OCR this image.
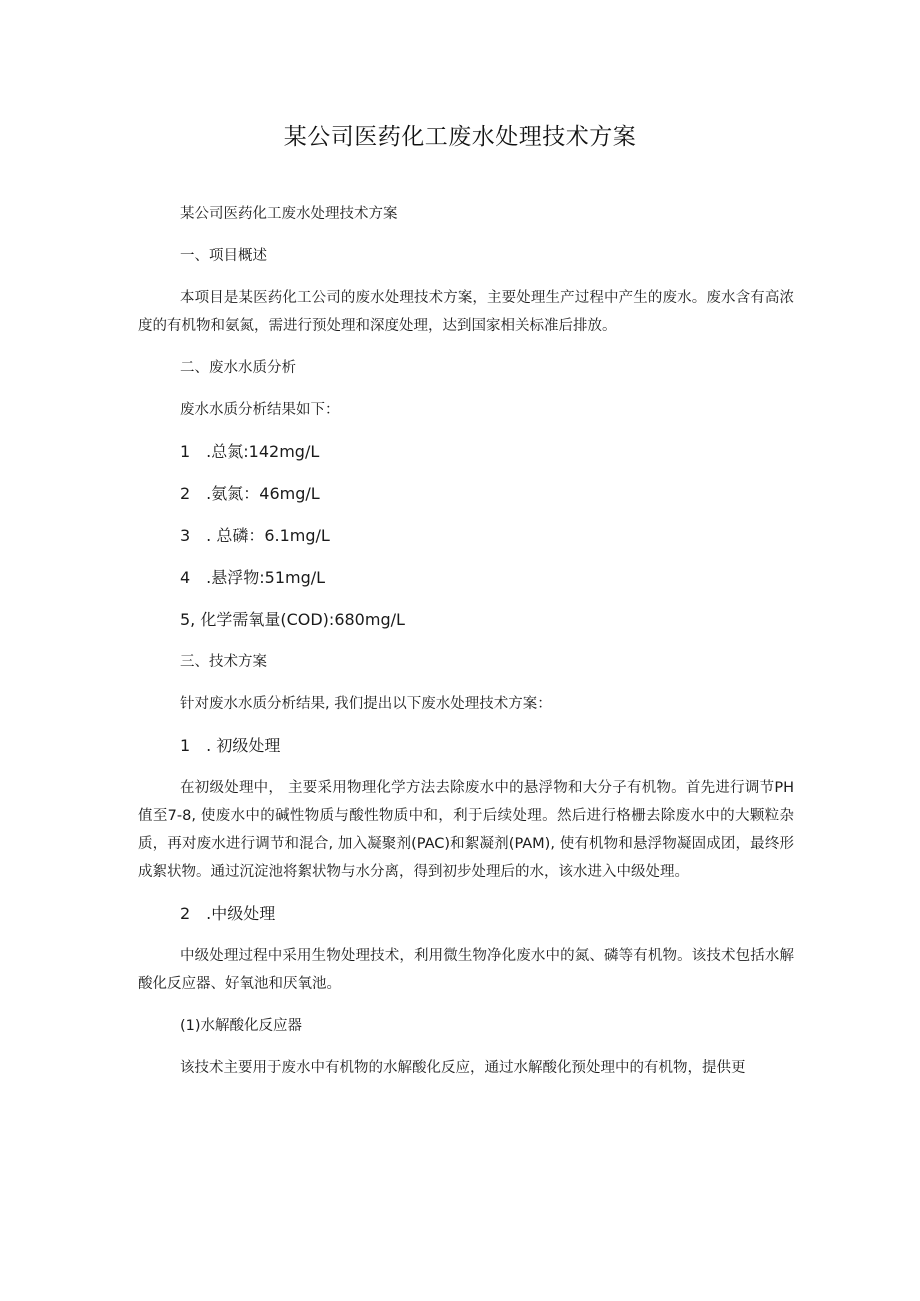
某公司医药化工废水处理技术方案

某公司医药化工废水处理技术方案

一、项目概述

本项目是某医药化工公司的废水处理技术方案，主要处理生产过程中产生的废水。废水含有高浓度的有机物和氨氮，需进行预处理和深度处理，达到国家相关标准后排放。

二、废水水质分析

废水水质分析结果如下：

1　.总氮:142mg/L

2　.氨氮：46mg/L

3　. 总磷：6.1mg/L

4　.悬浮物:51mg/L

5, 化学需氧量(COD):680mg/L

三、技术方案

针对废水水质分析结果, 我们提出以下废水处理技术方案：

1　. 初级处理

在初级处理中， 主要采用物理化学方法去除废水中的悬浮物和大分子有机物。首先进行调节PH值至7-8, 使废水中的碱性物质与酸性物质中和，利于后续处理。然后进行格栅去除废水中的大颗粒杂质，再对废水进行调节和混合, 加入凝聚剂(PAC)和絮凝剂(PAM), 使有机物和悬浮物凝固成团，最终形成絮状物。通过沉淀池将絮状物与水分离，得到初步处理后的水，该水进入中级处理。

2　.中级处理

中级处理过程中采用生物处理技术，利用微生物净化废水中的氮、磷等有机物。该技术包括水解酸化反应器、好氧池和厌氧池。

(1)水解酸化反应器

该技术主要用于废水中有机物的水解酸化反应，通过水解酸化预处理中的有机物，提供更
